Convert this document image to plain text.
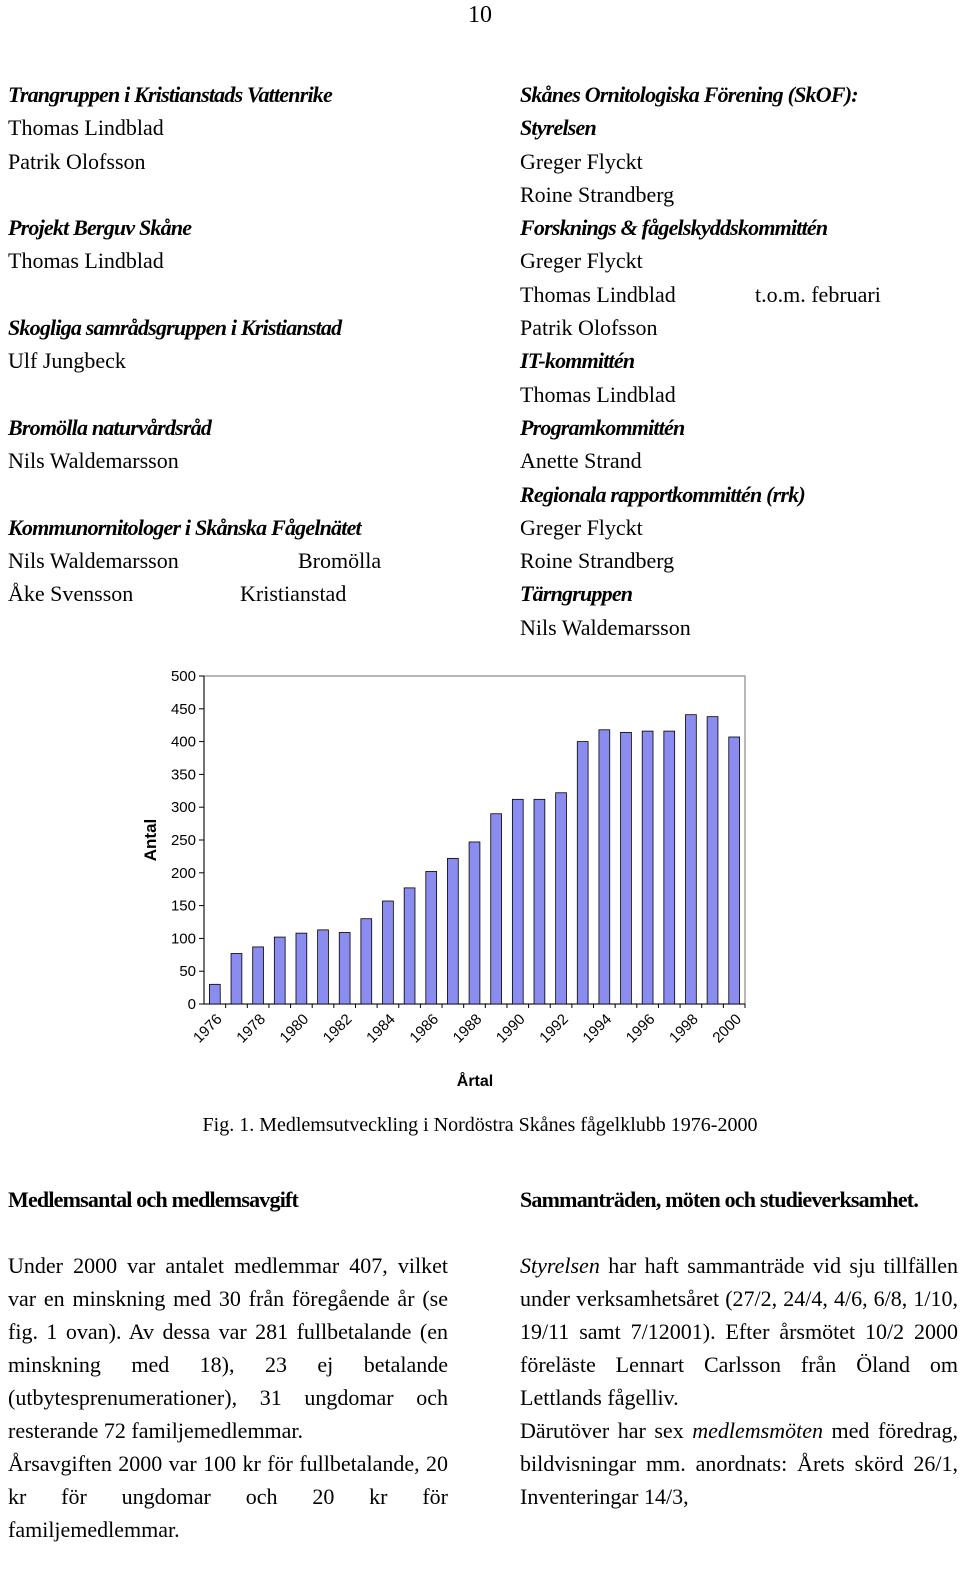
10
Trangruppen i Kristianstads Vattenrike
Thomas Lindblad
Patrik Olofsson
Projekt Berguv Skåne
Thomas Lindblad
Skogliga samrådsgruppen i Kristianstad
Ulf Jungbeck
Bromölla naturvårdsråd
Nils Waldemarsson
Kommunornitologer i Skånska Fågelnätet
Nils Waldemarsson	Bromölla
Åke Svensson	Kristianstad
Skånes Ornitologiska Förening (SkOF):
Styrelsen
Greger Flyckt
Roine Strandberg
Forsknings & fågelskyddskommittén
Greger Flyckt
Thomas Lindblad	t.o.m. februari
Patrik Olofsson
IT-kommittén
Thomas Lindblad
Programkommittén
Anette Strand
Regionala rapportkommittén (rrk)
Greger Flyckt
Roine Strandberg
Tärngruppen
Nils Waldemarsson
0
50
100
150
200
250
300
350
400
450
500
1976 1978 1980 1982 1984 1986 1988 1990 1992 1994 1996 1998 2000
Årtal
Antal
Fig. 1. Medlemsutveckling i Nordöstra Skånes fågelklubb 1976-2000
Medlemsantal och medlemsavgift
Under 2000 var antalet medlemmar 407, vilket var en minskning med 30 från föregående år (se fig. 1 ovan). Av dessa var 281 fullbetalande (en minskning med 18), 23 ej betalande (utbytesprenumerationer), 31 ungdomar och resterande 72 familjemedlemmar.
Årsavgiften 2000 var 100 kr för fullbetalande, 20 kr för ungdomar och 20 kr för familjemedlemmar.
Sammanträden, möten och studieverksamhet.
Styrelsen har haft sammanträde vid sju tillfällen under verksamhetsåret (27/2, 24/4, 4/6, 6/8, 1/10, 19/11 samt 7/12001). Efter årsmötet 10/2 2000 föreläste Lennart Carlsson från Öland om Lettlands fågelliv.
Därutöver har sex medlemsmöten med föredrag, bildvisningar mm. anordnats: Årets skörd 26/1, Inventeringar 14/3,
